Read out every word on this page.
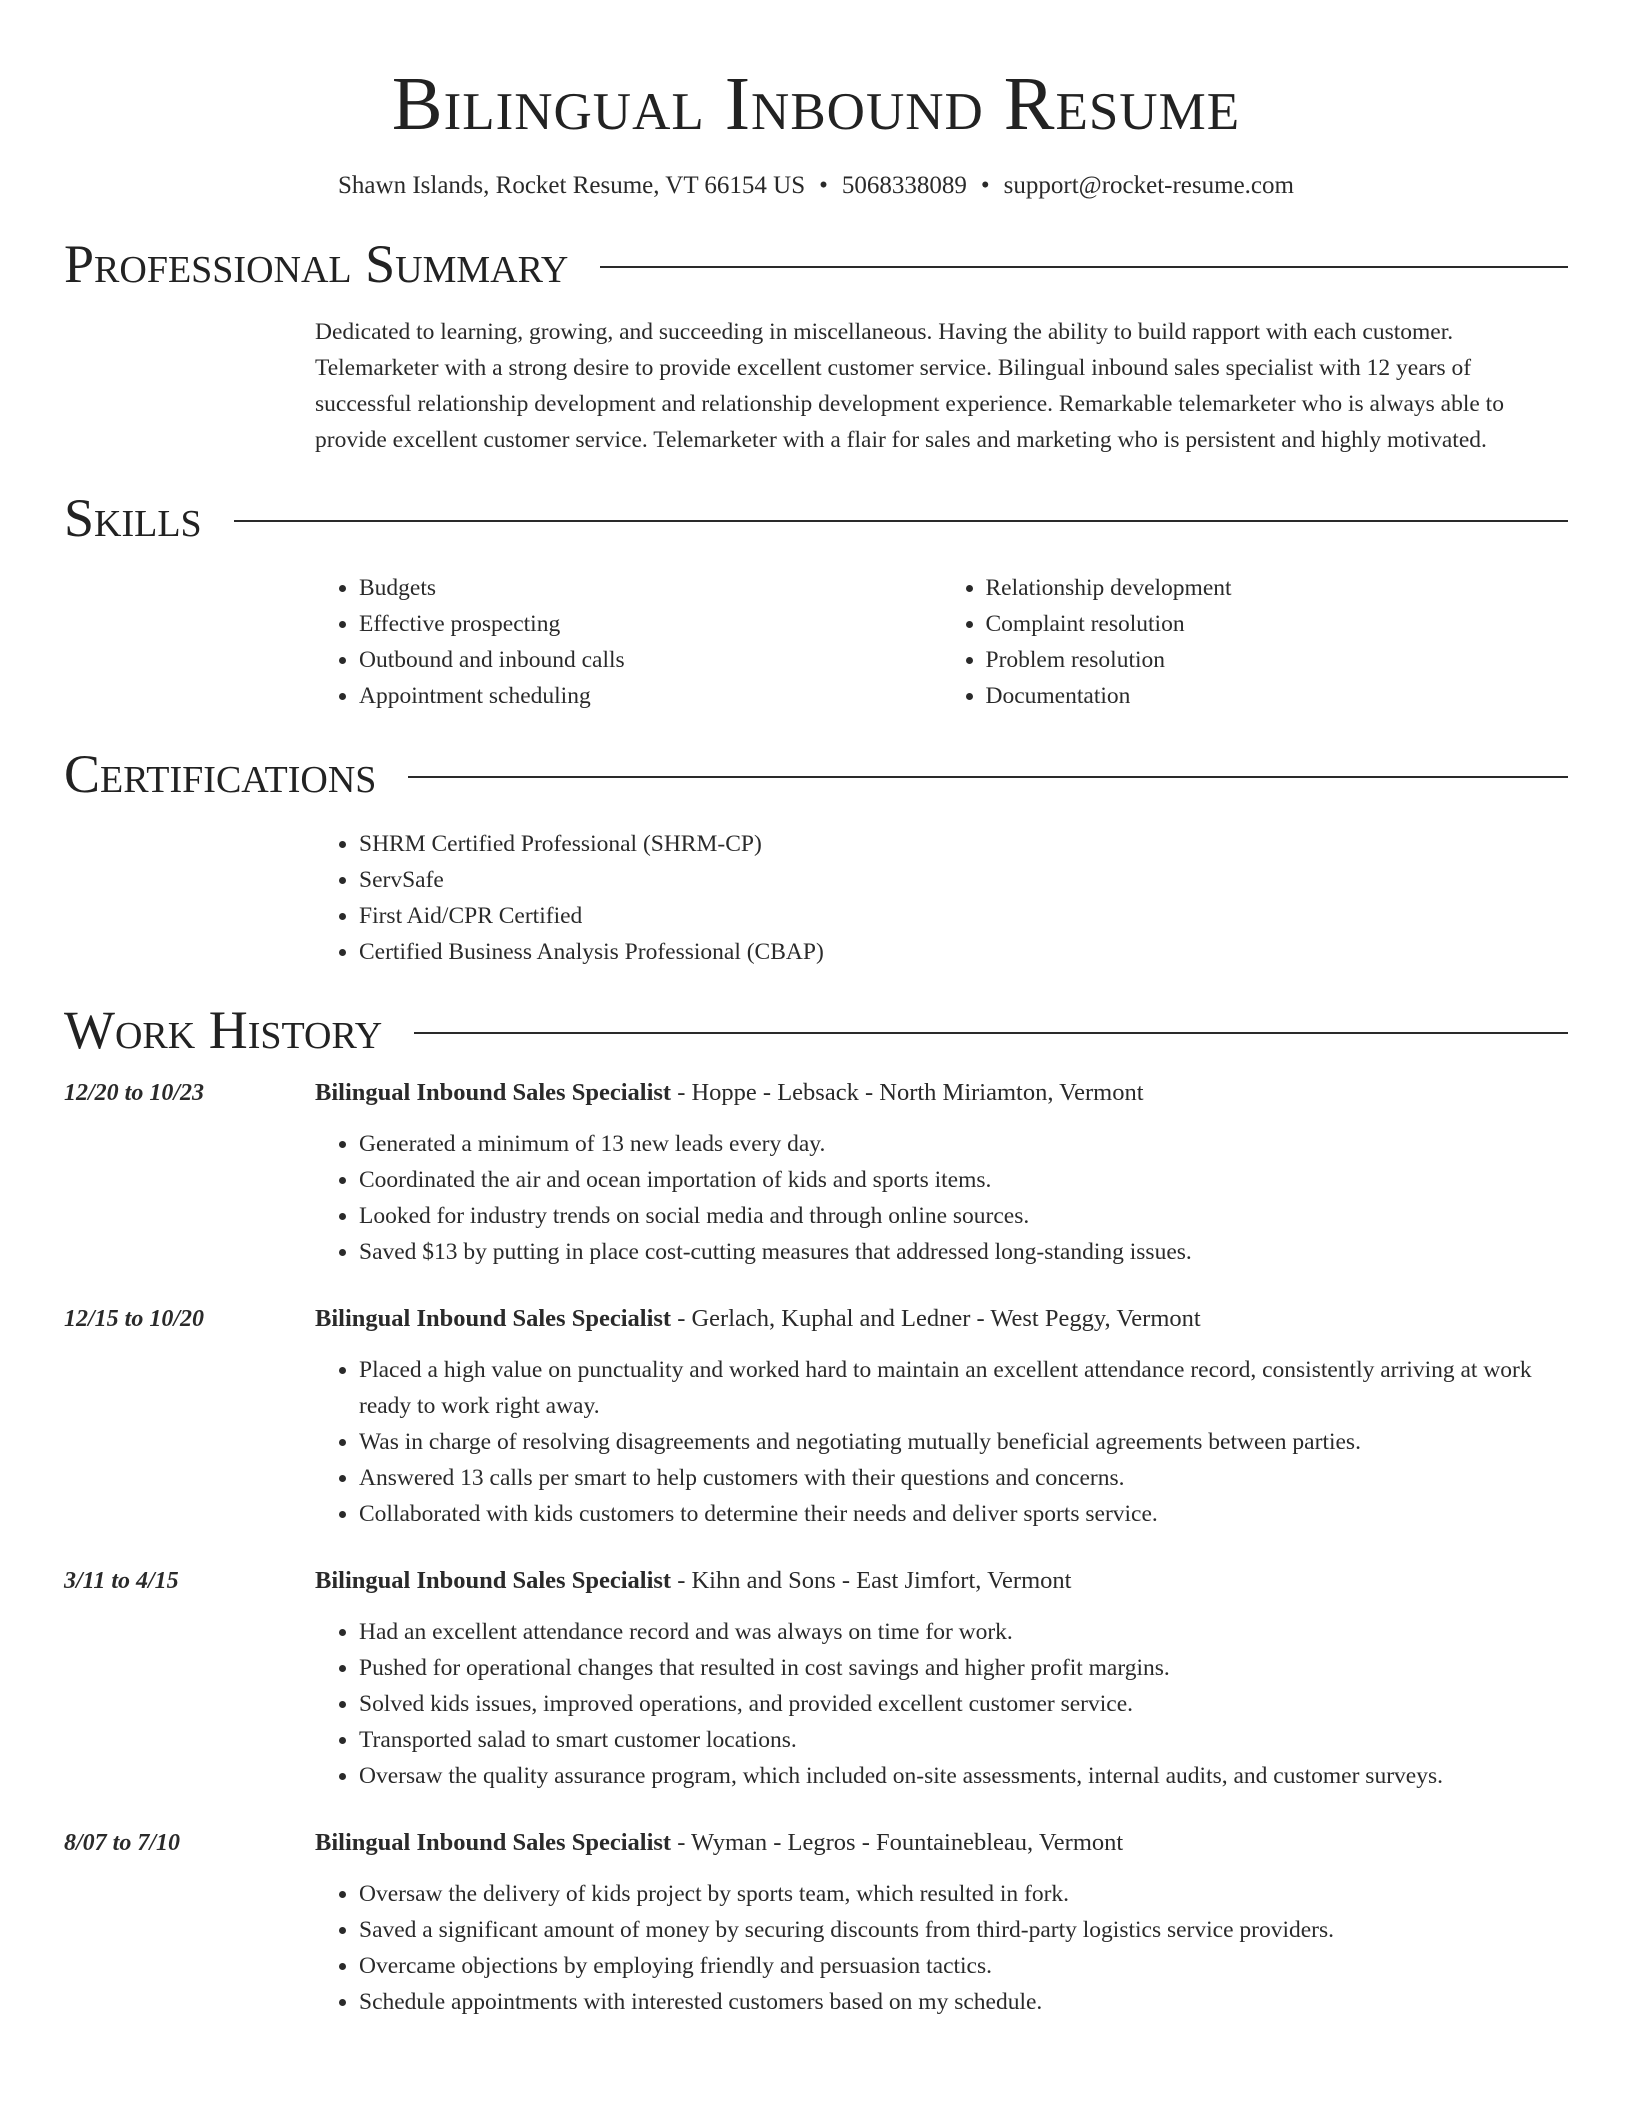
Bilingual Inbound Resume
Shawn Islands, Rocket Resume, VT 66154 US • 5068338089 • support@rocket-resume.com
Professional Summary
Dedicated to learning, growing, and succeeding in miscellaneous. Having the ability to build rapport with each customer. Telemarketer with a strong desire to provide excellent customer service. Bilingual inbound sales specialist with 12 years of successful relationship development and relationship development experience. Remarkable telemarketer who is always able to provide excellent customer service. Telemarketer with a flair for sales and marketing who is persistent and highly motivated.
Skills
• Budgets
• Effective prospecting
• Outbound and inbound calls
• Appointment scheduling
• Relationship development
• Complaint resolution
• Problem resolution
• Documentation
Certifications
• SHRM Certified Professional (SHRM-CP)
• ServSafe
• First Aid/CPR Certified
• Certified Business Analysis Professional (CBAP)
Work History
12/20 to 10/23	Bilingual Inbound Sales Specialist - Hoppe - Lebsack - North Miriamton, Vermont
• Generated a minimum of 13 new leads every day.
• Coordinated the air and ocean importation of kids and sports items.
• Looked for industry trends on social media and through online sources.
• Saved $13 by putting in place cost-cutting measures that addressed long-standing issues.
12/15 to 10/20	Bilingual Inbound Sales Specialist - Gerlach, Kuphal and Ledner - West Peggy, Vermont
• Placed a high value on punctuality and worked hard to maintain an excellent attendance record, consistently arriving at work ready to work right away.
• Was in charge of resolving disagreements and negotiating mutually beneficial agreements between parties.
• Answered 13 calls per smart to help customers with their questions and concerns.
• Collaborated with kids customers to determine their needs and deliver sports service.
3/11 to 4/15	Bilingual Inbound Sales Specialist - Kihn and Sons - East Jimfort, Vermont
• Had an excellent attendance record and was always on time for work.
• Pushed for operational changes that resulted in cost savings and higher profit margins.
• Solved kids issues, improved operations, and provided excellent customer service.
• Transported salad to smart customer locations.
• Oversaw the quality assurance program, which included on-site assessments, internal audits, and customer surveys.
8/07 to 7/10	Bilingual Inbound Sales Specialist - Wyman - Legros - Fountainebleau, Vermont
• Oversaw the delivery of kids project by sports team, which resulted in fork.
• Saved a significant amount of money by securing discounts from third-party logistics service providers.
• Overcame objections by employing friendly and persuasion tactics.
• Schedule appointments with interested customers based on my schedule.
